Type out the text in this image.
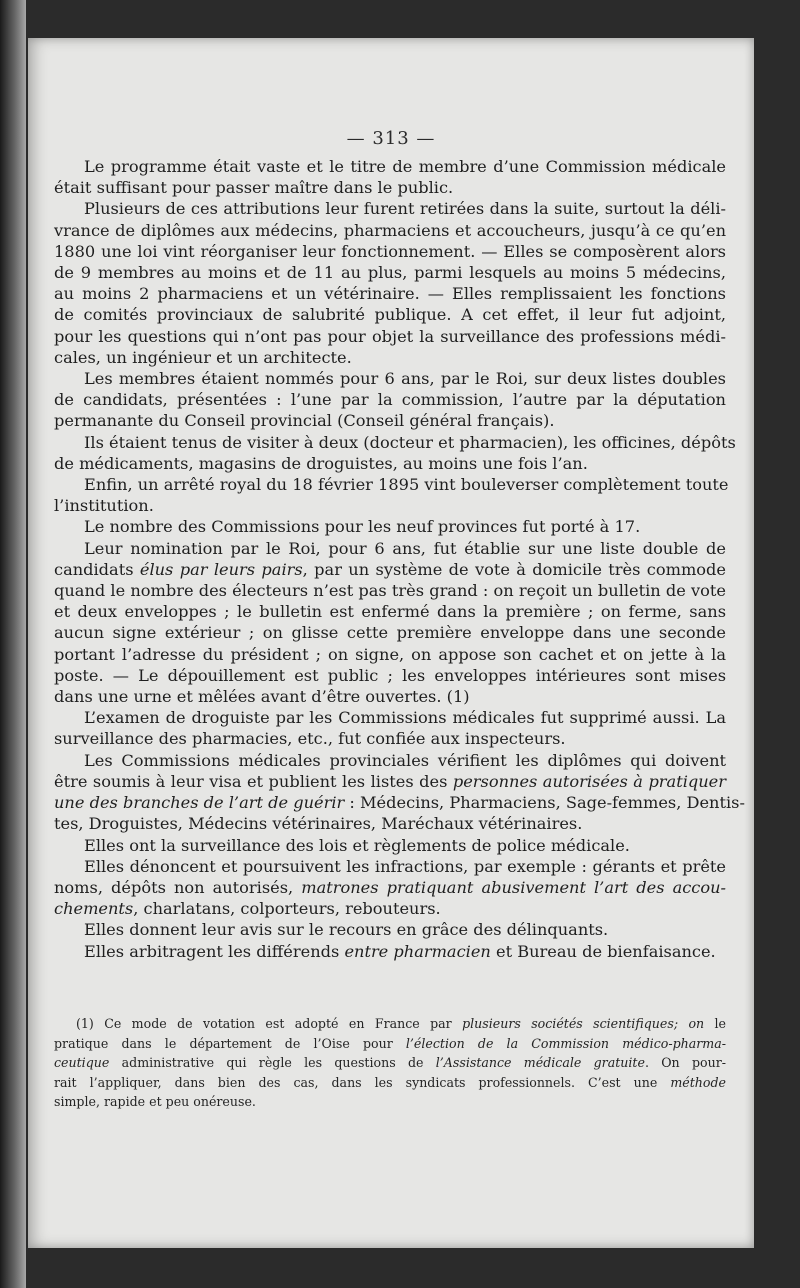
— 313 —
Le programme était vaste et le titre de membre d’une Commission médicale
était suffisant pour passer maître dans le public.
Plusieurs de ces attributions leur furent retirées dans la suite, surtout la déli-
vrance de diplômes aux médecins, pharmaciens et accoucheurs, jusqu’à ce qu’en
1880 une loi vint réorganiser leur fonctionnement. — Elles se composèrent alors
de 9 membres au moins et de 11 au plus, parmi lesquels au moins 5 médecins,
au moins 2 pharmaciens et un vétérinaire. — Elles remplissaient les fonctions
de comités provinciaux de salubrité publique. A cet effet, il leur fut adjoint,
pour les questions qui n’ont pas pour objet la surveillance des professions médi-
cales, un ingénieur et un architecte.
Les membres étaient nommés pour 6 ans, par le Roi, sur deux listes doubles
de candidats, présentées : l’une par la commission, l’autre par la députation
permanante du Conseil provincial (Conseil général français).
Ils étaient tenus de visiter à deux (docteur et pharmacien), les officines, dépôts
de médicaments, magasins de droguistes, au moins une fois l’an.
Enfin, un arrêté royal du 18 février 1895 vint bouleverser complètement toute
l’institution.
Le nombre des Commissions pour les neuf provinces fut porté à 17.
Leur nomination par le Roi, pour 6 ans, fut établie sur une liste double de
candidats élus par leurs pairs, par un système de vote à domicile très commode
quand le nombre des électeurs n’est pas très grand : on reçoit un bulletin de vote
et deux enveloppes ; le bulletin est enfermé dans la première ; on ferme, sans
aucun signe extérieur ; on glisse cette première enveloppe dans une seconde
portant l’adresse du président ; on signe, on appose son cachet et on jette à la
poste. — Le dépouillement est public ; les enveloppes intérieures sont mises
dans une urne et mêlées avant d’être ouvertes. (1)
L’examen de droguiste par les Commissions médicales fut supprimé aussi. La
surveillance des pharmacies, etc., fut confiée aux inspecteurs.
Les Commissions médicales provinciales vérifient les diplômes qui doivent
être soumis à leur visa et publient les listes des personnes autorisées à pratiquer
une des branches de l’art de guérir : Médecins, Pharmaciens, Sage-femmes, Dentis-
tes, Droguistes, Médecins vétérinaires, Maréchaux vétérinaires.
Elles ont la surveillance des lois et règlements de police médicale.
Elles dénoncent et poursuivent les infractions, par exemple : gérants et prête
noms, dépôts non autorisés, matrones pratiquant abusivement l’art des accou-
chements, charlatans, colporteurs, rebouteurs.
Elles donnent leur avis sur le recours en grâce des délinquants.
Elles arbitragent les différends entre pharmacien et Bureau de bienfaisance.
(1) Ce mode de votation est adopté en France par plusieurs sociétés scientifiques; on le
pratique dans le département de l’Oise pour l’élection de la Commission médico-pharma-
ceutique administrative qui règle les questions de l’Assistance médicale gratuite. On pour-
rait l’appliquer, dans bien des cas, dans les syndicats professionnels. C’est une méthode
simple, rapide et peu onéreuse.
